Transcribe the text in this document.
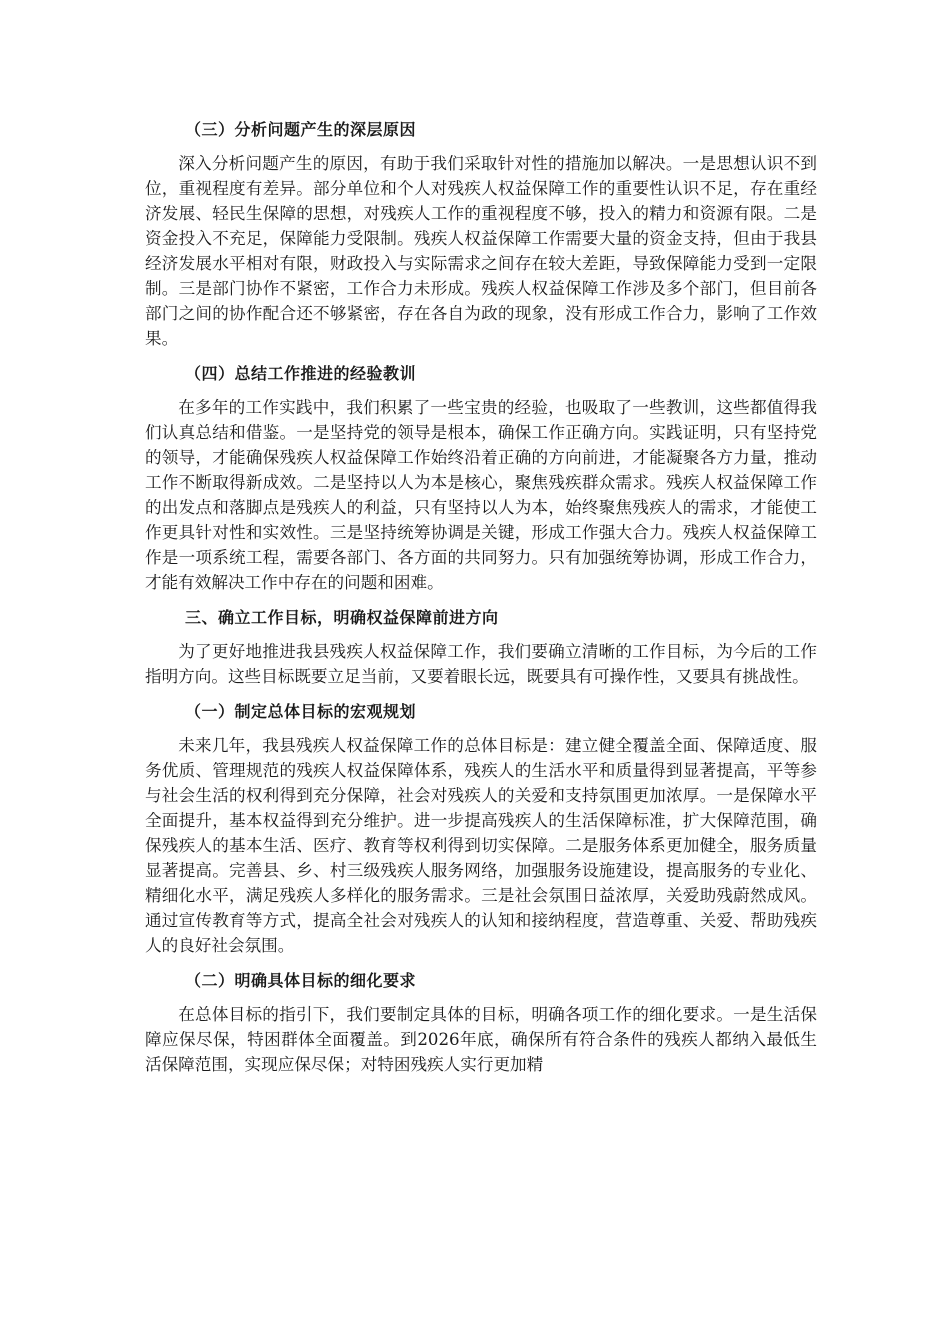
（三）分析问题产生的深层原因

深入分析问题产生的原因，有助于我们采取针对性的措施加以解决。一是思想认识不到位，重视程度有差异。部分单位和个人对残疾人权益保障工作的重要性认识不足，存在重经济发展、轻民生保障的思想，对残疾人工作的重视程度不够，投入的精力和资源有限。二是资金投入不充足，保障能力受限制。残疾人权益保障工作需要大量的资金支持，但由于我县经济发展水平相对有限，财政投入与实际需求之间存在较大差距，导致保障能力受到一定限制。三是部门协作不紧密，工作合力未形成。残疾人权益保障工作涉及多个部门，但目前各部门之间的协作配合还不够紧密，存在各自为政的现象，没有形成工作合力，影响了工作效果。

（四）总结工作推进的经验教训

在多年的工作实践中，我们积累了一些宝贵的经验，也吸取了一些教训，这些都值得我们认真总结和借鉴。一是坚持党的领导是根本，确保工作正确方向。实践证明，只有坚持党的领导，才能确保残疾人权益保障工作始终沿着正确的方向前进，才能凝聚各方力量，推动工作不断取得新成效。二是坚持以人为本是核心，聚焦残疾群众需求。残疾人权益保障工作的出发点和落脚点是残疾人的利益，只有坚持以人为本，始终聚焦残疾人的需求，才能使工作更具针对性和实效性。三是坚持统筹协调是关键，形成工作强大合力。残疾人权益保障工作是一项系统工程，需要各部门、各方面的共同努力。只有加强统筹协调，形成工作合力，才能有效解决工作中存在的问题和困难。

三、确立工作目标，明确权益保障前进方向

为了更好地推进我县残疾人权益保障工作，我们要确立清晰的工作目标，为今后的工作指明方向。这些目标既要立足当前，又要着眼长远，既要具有可操作性，又要具有挑战性。

（一）制定总体目标的宏观规划

未来几年，我县残疾人权益保障工作的总体目标是：建立健全覆盖全面、保障适度、服务优质、管理规范的残疾人权益保障体系，残疾人的生活水平和质量得到显著提高，平等参与社会生活的权利得到充分保障，社会对残疾人的关爱和支持氛围更加浓厚。一是保障水平全面提升，基本权益得到充分维护。进一步提高残疾人的生活保障标准，扩大保障范围，确保残疾人的基本生活、医疗、教育等权利得到切实保障。二是服务体系更加健全，服务质量显著提高。完善县、乡、村三级残疾人服务网络，加强服务设施建设，提高服务的专业化、精细化水平，满足残疾人多样化的服务需求。三是社会氛围日益浓厚，关爱助残蔚然成风。通过宣传教育等方式，提高全社会对残疾人的认知和接纳程度，营造尊重、关爱、帮助残疾人的良好社会氛围。

（二）明确具体目标的细化要求

在总体目标的指引下，我们要制定具体的目标，明确各项工作的细化要求。一是生活保障应保尽保，特困群体全面覆盖。到2026年底，确保所有符合条件的残疾人都纳入最低生活保障范围，实现应保尽保；对特困残疾人实行更加精
